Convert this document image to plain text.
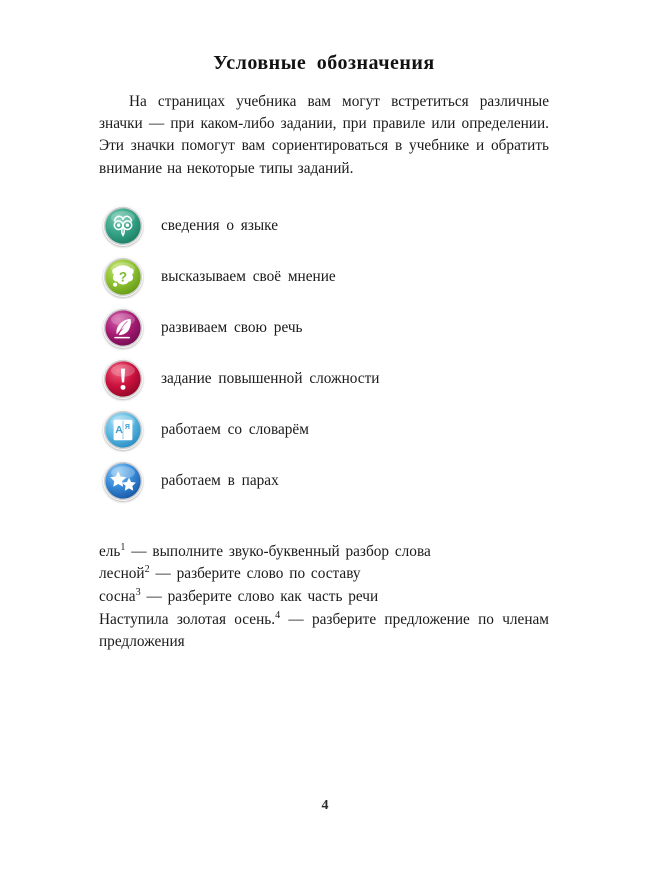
Условные обозначения

На страницах учебника вам могут встретиться различные значки — при каком-либо задании, при правиле или определении. Эти значки помогут вам сориентироваться в учебнике и обратить внимание на некоторые типы заданий.

сведения о языке
? высказываем своё мнение
развиваем свою речь
задание повышенной сложности
А Я работаем со словарём
работаем в парах

ель$^1$ — выполните звуко-буквенный разбор слова

лесной$^2$ — разберите слово по составу

сосна$^3$ — разберите слово как часть речи

Наступила золотая осень.$^4$ — разберите предложение по членам предложения

4
